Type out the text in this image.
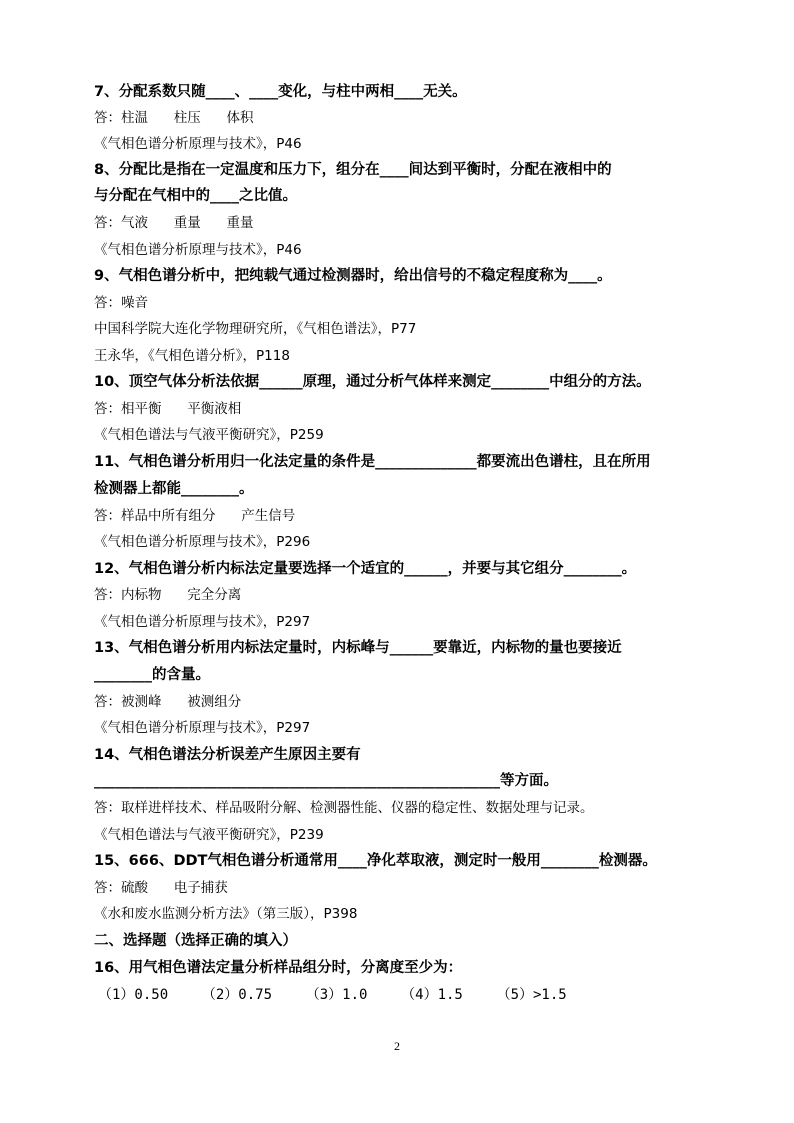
7、分配系数只随____、____变化，与柱中两相____无关。
答：柱温      柱压      体积
《气相色谱分析原理与技术》，P46
8、分配比是指在一定温度和压力下，组分在____间达到平衡时，分配在液相中的
与分配在气相中的____之比值。
答：气液      重量      重量
《气相色谱分析原理与技术》，P46
9、气相色谱分析中，把纯载气通过检测器时，给出信号的不稳定程度称为____。
答：噪音
中国科学院大连化学物理研究所，《气相色谱法》，P77
王永华，《气相色谱分析》，P118
10、顶空气体分析法依据______原理，通过分析气体样来测定________中组分的方法。
答：相平衡      平衡液相
《气相色谱法与气液平衡研究》，P259
11、气相色谱分析用归一化法定量的条件是______________都要流出色谱柱，且在所用
检测器上都能________。
答：样品中所有组分      产生信号
《气相色谱分析原理与技术》，P296
12、气相色谱分析内标法定量要选择一个适宜的______，并要与其它组分________。
答：内标物      完全分离
《气相色谱分析原理与技术》，P297
13、气相色谱分析用内标法定量时，内标峰与______要靠近，内标物的量也要接近
________的含量。
答：被测峰      被测组分
《气相色谱分析原理与技术》，P297
14、气相色谱法分析误差产生原因主要有
________________________________________________________等方面。
答：取样进样技术、样品吸附分解、检测器性能、仪器的稳定性、数据处理与记录。
《气相色谱法与气液平衡研究》，P239
15、666、DDT气相色谱分析通常用____净化萃取液，测定时一般用________检测器。
答：硫酸      电子捕获
《水和废水监测分析方法》（第三版），P398
二、选择题（选择正确的填入）
16、用气相色谱法定量分析样品组分时，分离度至少为：
（1）0.50    （2）0.75    （3）1.0    （4）1.5    （5）>1.5
2
